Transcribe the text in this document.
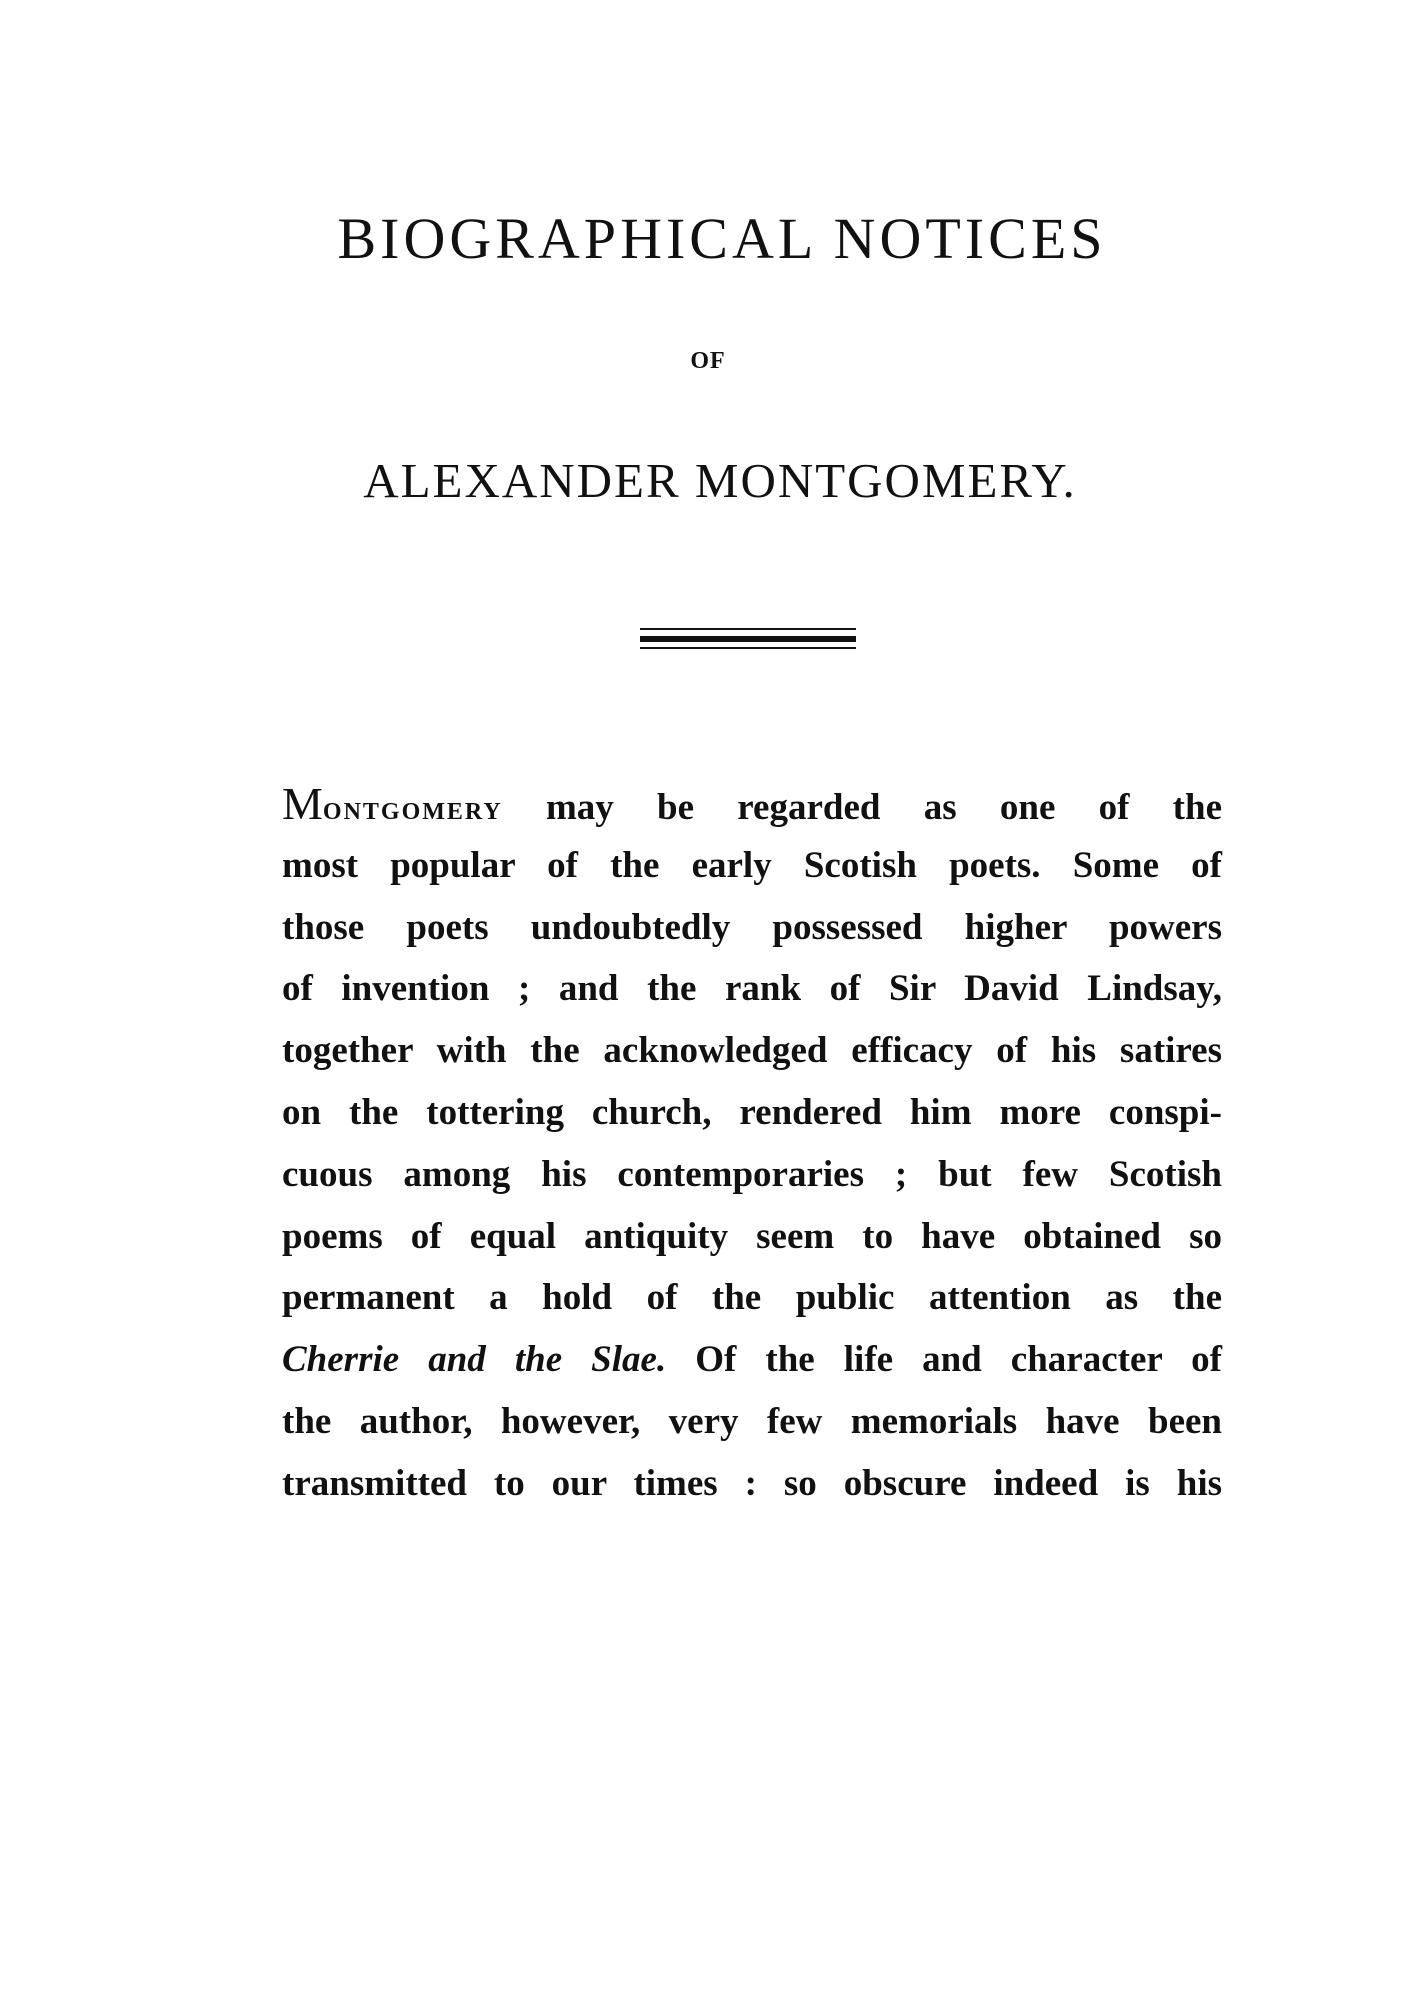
BIOGRAPHICAL NOTICES
OF
ALEXANDER MONTGOMERY.
MONTGOMERY may be regarded as one of the
most popular of the early Scotish poets. Some of
those poets undoubtedly possessed higher powers
of invention ; and the rank of Sir David Lindsay,
together with the acknowledged efficacy of his satires
on the tottering church, rendered him more conspi-
cuous among his contemporaries ; but few Scotish
poems of equal antiquity seem to have obtained so
permanent a hold of the public attention as the
Cherrie and the Slae. Of the life and character of
the author, however, very few memorials have been
transmitted to our times : so obscure indeed is his
